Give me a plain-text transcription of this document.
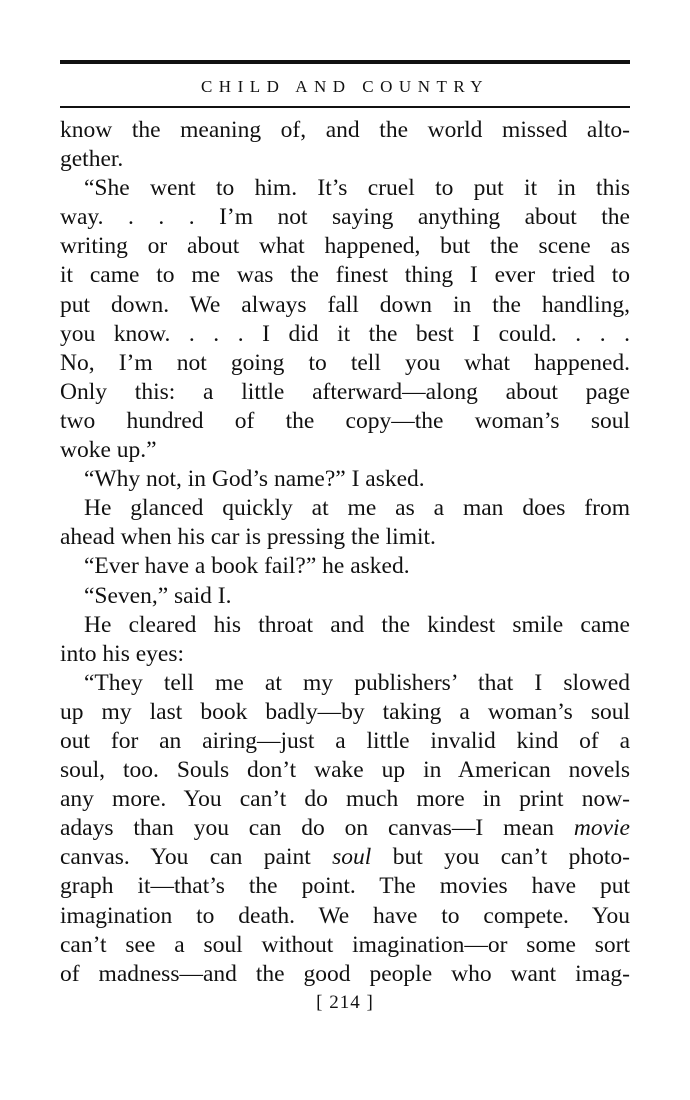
CHILD AND COUNTRY
know the meaning of, and the world missed alto-
gether.
“She went to him. It’s cruel to put it in this
way. . . . I’m not saying anything about the
writing or about what happened, but the scene as
it came to me was the finest thing I ever tried to
put down. We always fall down in the handling,
you know. . . . I did it the best I could. . . .
No, I’m not going to tell you what happened.
Only this: a little afterward—along about page
two hundred of the copy—the woman’s soul
woke up.”
“Why not, in God’s name?” I asked.
He glanced quickly at me as a man does from
ahead when his car is pressing the limit.
“Ever have a book fail?” he asked.
“Seven,” said I.
He cleared his throat and the kindest smile came
into his eyes:
“They tell me at my publishers’ that I slowed
up my last book badly—by taking a woman’s soul
out for an airing—just a little invalid kind of a
soul, too. Souls don’t wake up in American novels
any more. You can’t do much more in print now-
adays than you can do on canvas—I mean movie
canvas. You can paint soul but you can’t photo-
graph it—that’s the point. The movies have put
imagination to death. We have to compete. You
can’t see a soul without imagination—or some sort
of madness—and the good people who want imag-
[ 214 ]
